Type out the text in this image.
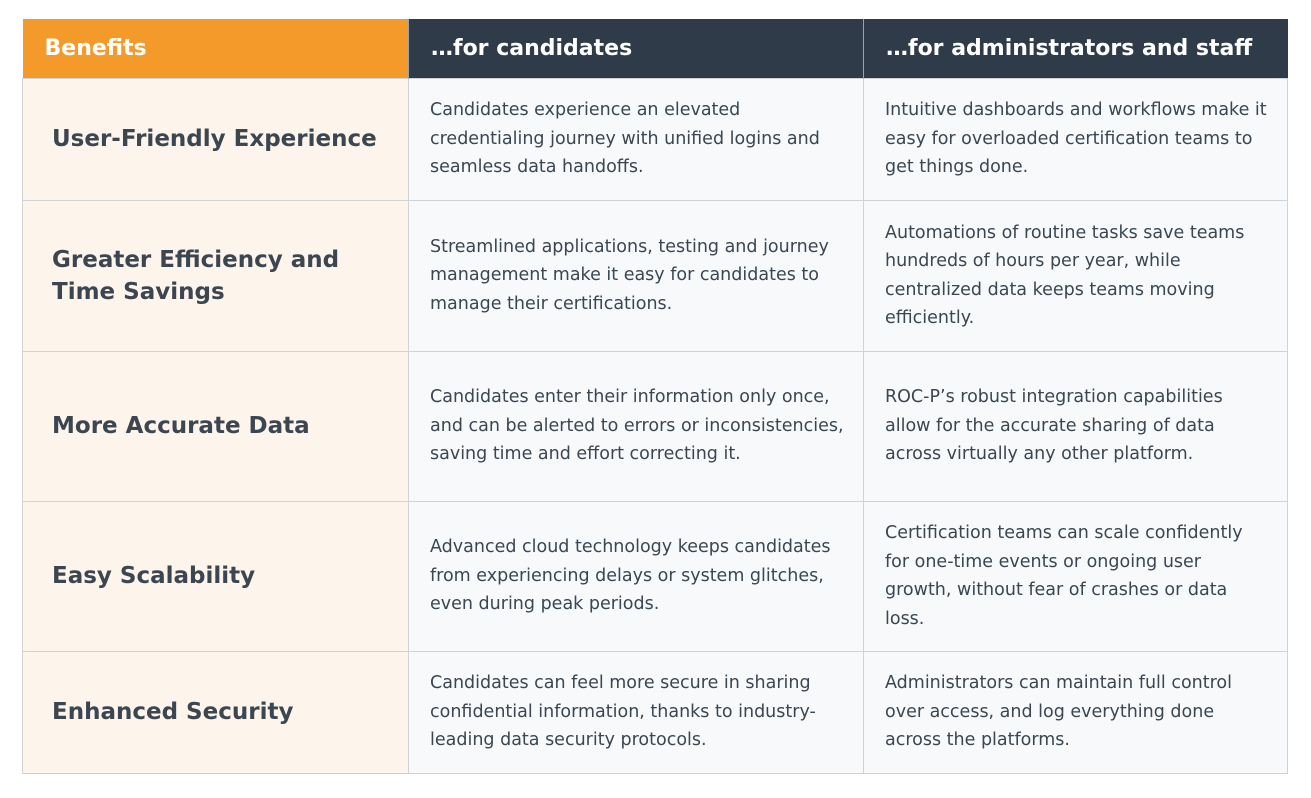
Benefits	…for candidates	…for administrators and staff
User-Friendly Experience	Candidates experience an elevated credentialing journey with unified logins and seamless data handoffs.	Intuitive dashboards and workflows make it easy for overloaded certification teams to get things done.
Greater Efficiency and Time Savings	Streamlined applications, testing and journey management make it easy for candidates to manage their certifications.	Automations of routine tasks save teams hundreds of hours per year, while centralized data keeps teams moving efficiently.
More Accurate Data	Candidates enter their information only once, and can be alerted to errors or inconsistencies, saving time and effort correcting it.	ROC-P’s robust integration capabilities allow for the accurate sharing of data across virtually any other platform.
Easy Scalability	Advanced cloud technology keeps candidates from experiencing delays or system glitches, even during peak periods.	Certification teams can scale confidently for one-time events or ongoing user growth, without fear of crashes or data loss.
Enhanced Security	Candidates can feel more secure in sharing confidential information, thanks to industry-leading data security protocols.	Administrators can maintain full control over access, and log everything done across the platforms.
